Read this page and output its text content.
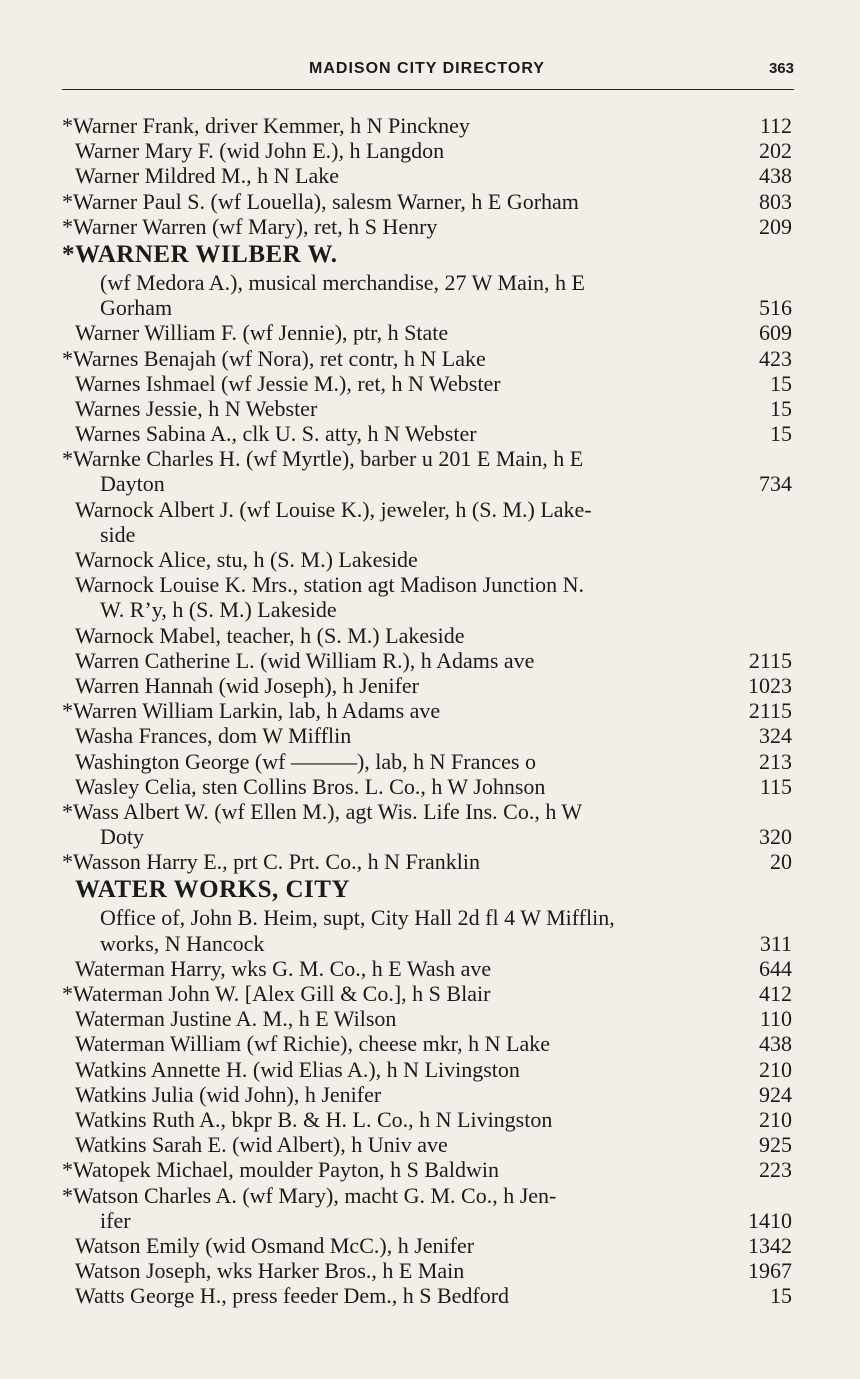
MADISON CITY DIRECTORY	363
*Warner Frank, driver Kemmer, h N Pinckney	112
Warner Mary F. (wid John E.), h Langdon	202
Warner Mildred M., h N Lake	438
*Warner Paul S. (wf Louella), salesm Warner, h E Gorham	803
*Warner Warren (wf Mary), ret, h S Henry	209
*WARNER WILBER W.
(wf Medora A.), musical merchandise, 27 W Main, h E
Gorham	516
Warner William F. (wf Jennie), ptr, h State	609
*Warnes Benajah (wf Nora), ret contr, h N Lake	423
Warnes Ishmael (wf Jessie M.), ret, h N Webster	15
Warnes Jessie, h N Webster	15
Warnes Sabina A., clk U. S. atty, h N Webster	15
*Warnke Charles H. (wf Myrtle), barber u 201 E Main, h E
Dayton	734
Warnock Albert J. (wf Louise K.), jeweler, h (S. M.) Lake-
side
Warnock Alice, stu, h (S. M.) Lakeside
Warnock Louise K. Mrs., station agt Madison Junction N.
W. R’y, h (S. M.) Lakeside
Warnock Mabel, teacher, h (S. M.) Lakeside
Warren Catherine L. (wid William R.), h Adams ave	2115
Warren Hannah (wid Joseph), h Jenifer	1023
*Warren William Larkin, lab, h Adams ave	2115
Washa Frances, dom W Mifflin	324
Washington George (wf ———), lab, h N Frances o	213
Wasley Celia, sten Collins Bros. L. Co., h W Johnson	115
*Wass Albert W. (wf Ellen M.), agt Wis. Life Ins. Co., h W
Doty	320
*Wasson Harry E., prt C. Prt. Co., h N Franklin	20
WATER WORKS, CITY
Office of, John B. Heim, supt, City Hall 2d fl 4 W Mifflin,
works, N Hancock	311
Waterman Harry, wks G. M. Co., h E Wash ave	644
*Waterman John W. [Alex Gill & Co.], h S Blair	412
Waterman Justine A. M., h E Wilson	110
Waterman William (wf Richie), cheese mkr, h N Lake	438
Watkins Annette H. (wid Elias A.), h N Livingston	210
Watkins Julia (wid John), h Jenifer	924
Watkins Ruth A., bkpr B. & H. L. Co., h N Livingston	210
Watkins Sarah E. (wid Albert), h Univ ave	925
*Watopek Michael, moulder Payton, h S Baldwin	223
*Watson Charles A. (wf Mary), macht G. M. Co., h Jen-
ifer	1410
Watson Emily (wid Osmand McC.), h Jenifer	1342
Watson Joseph, wks Harker Bros., h E Main	1967
Watts George H., press feeder Dem., h S Bedford	15
